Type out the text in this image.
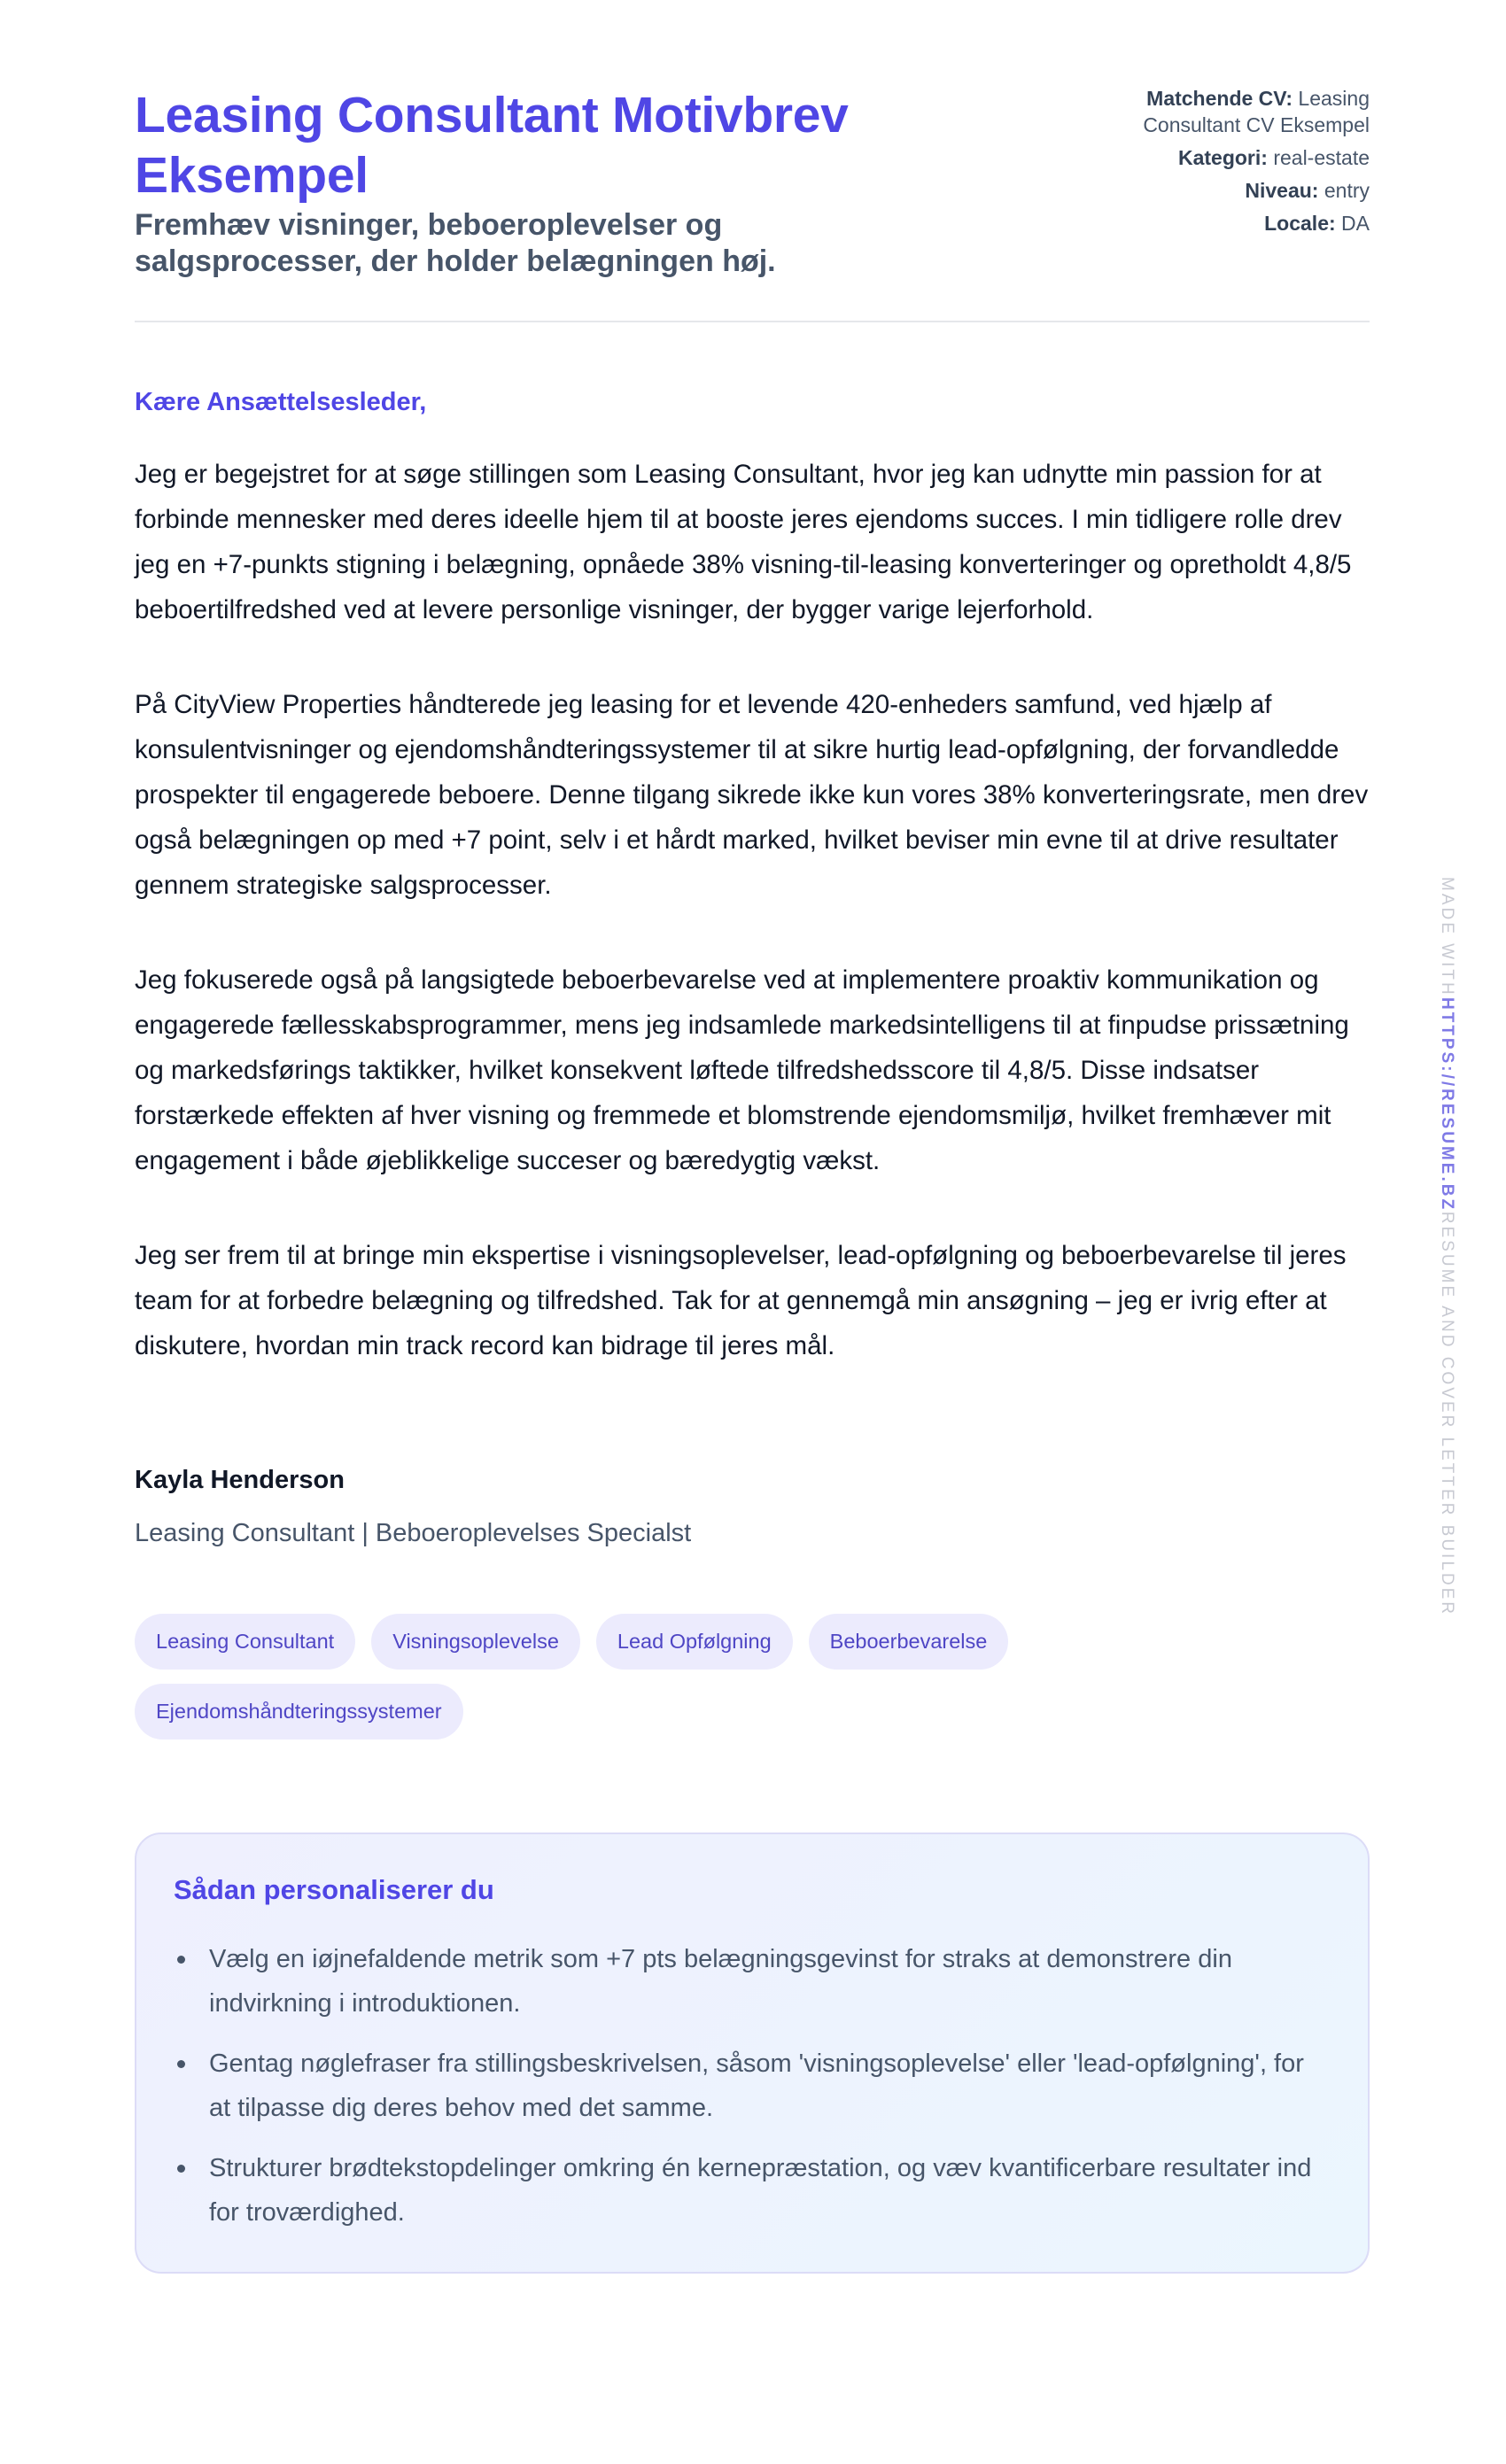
Leasing Consultant Motivbrev Eksempel
Fremhæv visninger, beboeroplevelser og salgsprocesser, der holder belægningen høj.
Matchende CV: Leasing Consultant CV Eksempel
Kategori: real-estate
Niveau: entry
Locale: DA
Kære Ansættelsesleder,

Jeg er begejstret for at søge stillingen som Leasing Consultant, hvor jeg kan udnytte min passion for at forbinde mennesker med deres ideelle hjem til at booste jeres ejendoms succes. I min tidligere rolle drev jeg en +7-punkts stigning i belægning, opnåede 38% visning-til-leasing konverteringer og opretholdt 4,8/5 beboertilfredshed ved at levere personlige visninger, der bygger varige lejerforhold.

På CityView Properties håndterede jeg leasing for et levende 420-enheders samfund, ved hjælp af konsulentvisninger og ejendomshåndteringssystemer til at sikre hurtig lead-opfølgning, der forvandledde prospekter til engagerede beboere. Denne tilgang sikrede ikke kun vores 38% konverteringsrate, men drev også belægningen op med +7 point, selv i et hårdt marked, hvilket beviser min evne til at drive resultater gennem strategiske salgsprocesser.

Jeg fokuserede også på langsigtede beboerbevarelse ved at implementere proaktiv kommunikation og engagerede fællesskabsprogrammer, mens jeg indsamlede markedsintelligens til at finpudse prissætning og markedsførings taktikker, hvilket konsekvent løftede tilfredshedsscore til 4,8/5. Disse indsatser forstærkede effekten af hver visning og fremmede et blomstrende ejendomsmiljø, hvilket fremhæver mit engagement i både øjeblikkelige succeser og bæredygtig vækst.

Jeg ser frem til at bringe min ekspertise i visningsoplevelser, lead-opfølgning og beboerbevarelse til jeres team for at forbedre belægning og tilfredshed. Tak for at gennemgå min ansøgning – jeg er ivrig efter at diskutere, hvordan min track record kan bidrage til jeres mål.

Kayla Henderson
Leasing Consultant | Beboeroplevelses Specialst
Leasing Consultant	Visningsoplevelse	Lead Opfølgning	Beboerbevarelse
Ejendomshåndteringssystemer
Sådan personaliserer du
Vælg en iøjnefaldende metrik som +7 pts belægningsgevinst for straks at demonstrere din indvirkning i introduktionen.
Gentag nøglefraser fra stillingsbeskrivelsen, såsom 'visningsoplevelse' eller 'lead-opfølgning', for at tilpasse dig deres behov med det samme.
Strukturer brødtekstopdelinger omkring én kernepræstation, og væv kvantificerbare resultater ind for troværdighed.
MADE WITHHTTPS://RESUME.BZRESUME AND COVER LETTER BUILDER
